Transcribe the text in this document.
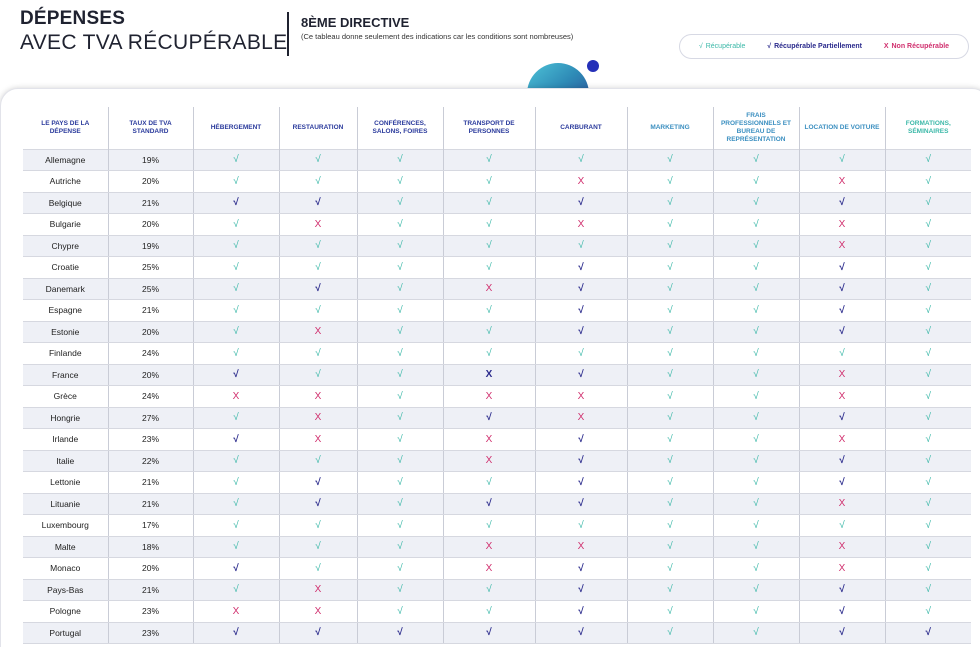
DÉPENSES
AVEC TVA RÉCUPÉRABLE
8ÈME DIRECTIVE
(Ce tableau donne seulement des indications car les conditions sont nombreuses)
√ Récupérable	√ Récupérable Partiellement	X Non Récupérable
LE PAYS DE LA DÉPENSE	TAUX DE TVA STANDARD	HÉBERGEMENT	RESTAURATION	CONFÉRENCES, SALONS, FOIRES	TRANSPORT DE PERSONNES	CARBURANT	MARKETING	FRAIS PROFESSIONNELS ET BUREAU DE REPRÉSENTATION	LOCATION DE VOITURE	FORMATIONS, SÉMINAIRES
Allemagne	19%	√	√	√	√	√	√	√	√	√
Autriche	20%	√	√	√	√	X	√	√	X	√
Belgique	21%	√	√	√	√	√	√	√	√	√
Bulgarie	20%	√	X	√	√	X	√	√	X	√
Chypre	19%	√	√	√	√	√	√	√	X	√
Croatie	25%	√	√	√	√	√	√	√	√	√
Danemark	25%	√	√	√	X	√	√	√	√	√
Espagne	21%	√	√	√	√	√	√	√	√	√
Estonie	20%	√	X	√	√	√	√	√	√	√
Finlande	24%	√	√	√	√	√	√	√	√	√
France	20%	√	√	√	X	√	√	√	X	√
Grèce	24%	X	X	√	X	X	√	√	X	√
Hongrie	27%	√	X	√	√	X	√	√	√	√
Irlande	23%	√	X	√	X	√	√	√	X	√
Italie	22%	√	√	√	X	√	√	√	√	√
Lettonie	21%	√	√	√	√	√	√	√	√	√
Lituanie	21%	√	√	√	√	√	√	√	X	√
Luxembourg	17%	√	√	√	√	√	√	√	√	√
Malte	18%	√	√	√	X	X	√	√	X	√
Monaco	20%	√	√	√	X	√	√	√	X	√
Pays-Bas	21%	√	X	√	√	√	√	√	√	√
Pologne	23%	X	X	√	√	√	√	√	√	√
Portugal	23%	√	√	√	√	√	√	√	√	√
